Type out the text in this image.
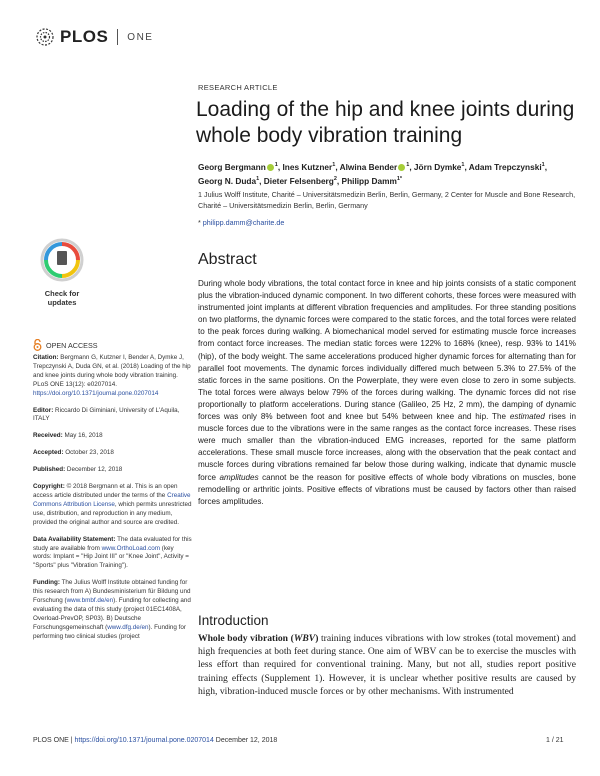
PLOS ONE
RESEARCH ARTICLE
Loading of the hip and knee joints during whole body vibration training
Georg Bergmann $^1$, Ines Kutzner$^1$, Alwina Bender $^1$, Jörn Dymke$^1$, Adam Trepczynski$^1$, Georg N. Duda$^1$, Dieter Felsenberg$^2$, Philipp Damm$^{1*}$
1 Julius Wolff Institute, Charité – Universitätsmedizin Berlin, Berlin, Germany, 2 Center for Muscle and Bone Research, Charité – Universitätsmedizin Berlin, Berlin, Germany
* philipp.damm@charite.de
Abstract
During whole body vibrations, the total contact force in knee and hip joints consists of a static component plus the vibration-induced dynamic component. In two different cohorts, these forces were measured with instrumented joint implants at different vibration frequencies and amplitudes. For three standing positions on two platforms, the dynamic forces were compared to the static forces, and the total forces were related to the peak forces during walking. A biomechanical model served for estimating muscle force increases from contact force increases. The median static forces were 122% to 168% (knee), resp. 93% to 141% (hip), of the body weight. The same accelerations produced higher dynamic forces for alternating than for parallel foot movements. The dynamic forces individually differed much between 5.3% to 27.5% of the static forces in the same positions. On the Powerplate, they were even close to zero in some subjects. The total forces were always below 79% of the forces during walking. The dynamic forces did not rise proportionally to platform accelerations. During stance (Galileo, 25 Hz, 2 mm), the damping of dynamic forces was only 8% between foot and knee but 54% between knee and hip. The estimated rises in muscle forces due to the vibrations were in the same ranges as the contact force increases. These rises were much smaller than the vibration-induced EMG increases, reported for the same platform accelerations. These small muscle force increases, along with the observation that the peak contact and muscle forces during vibrations remained far below those during walking, indicate that dynamic muscle force amplitudes cannot be the reason for positive effects of whole body vibrations on muscles, bone remodelling or arthritic joints. Positive effects of vibrations must be caused by factors other than raised forces amplitudes.
Introduction
Whole body vibration (WBV) training induces vibrations with low strokes (total movement) and high frequencies at both feet during stance. One aim of WBV can be to exercise the muscles with less effort than required for conventional training. Many, but not all, studies report positive training effects (Supplement 1). However, it is unclear whether positive results are caused by high, vibration-induced muscle forces or by other mechanisms. With instrumented
Check for updates
OPEN ACCESS

Citation: Bergmann G, Kutzner I, Bender A, Dymke J, Trepczynski A, Duda GN, et al. (2018) Loading of the hip and knee joints during whole body vibration training. PLoS ONE 13(12): e0207014. https://doi.org/10.1371/journal.pone.0207014

Editor: Riccardo Di Giminiani, University of L'Aquila, ITALY

Received: May 16, 2018

Accepted: October 23, 2018

Published: December 12, 2018

Copyright: © 2018 Bergmann et al. This is an open access article distributed under the terms of the Creative Commons Attribution License, which permits unrestricted use, distribution, and reproduction in any medium, provided the original author and source are credited.

Data Availability Statement: The data evaluated for this study are available from www.OrthoLoad.com (key words: Implant = "Hip Joint III" or "Knee Joint", Activity = "Sports" plus "Vibration Training").

Funding: The Julius Wolff Institute obtained funding for this research from A) Bundesministerium für Bildung und Forschung (www.bmbf.de/en). Funding for collecting and evaluating the data of this study (project 01EC1408A, Overload-PrevOP, SP03). B) Deutsche Forschungsgemeinschaft (www.dfg.de/en). Funding for performing two clinical studies (project

PLOS ONE | https://doi.org/10.1371/journal.pone.0207014 December 12, 2018	1 / 21
